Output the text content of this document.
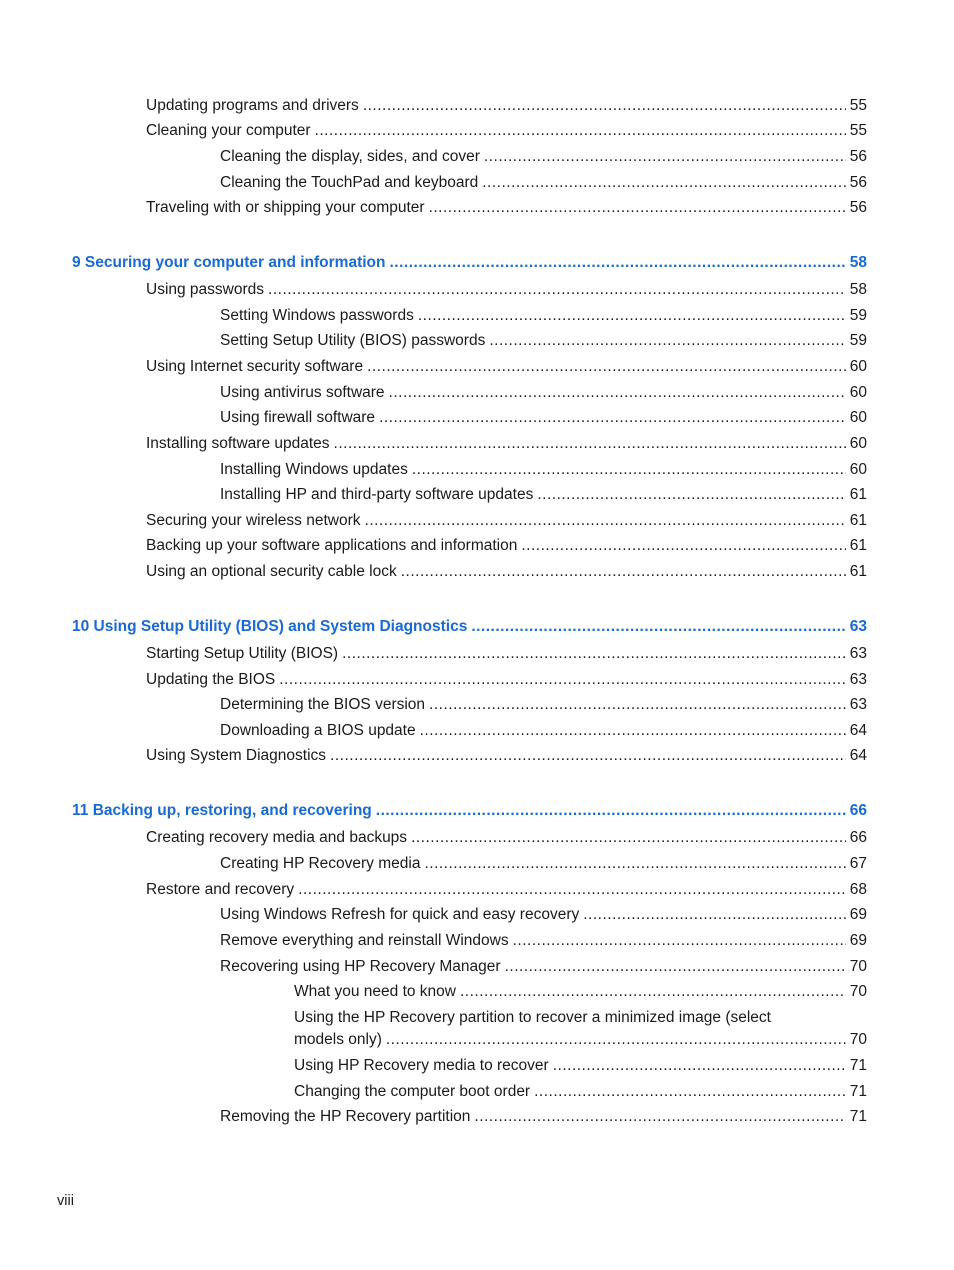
Updating programs and drivers .....	55
Cleaning your computer .....	55
Cleaning the display, sides, and cover .....	56
Cleaning the TouchPad and keyboard .....	56
Traveling with or shipping your computer .....	56
9 Securing your computer and information .....	58
Using passwords .....	58
Setting Windows passwords .....	59
Setting Setup Utility (BIOS) passwords .....	59
Using Internet security software .....	60
Using antivirus software .....	60
Using firewall software .....	60
Installing software updates .....	60
Installing Windows updates .....	60
Installing HP and third-party software updates .....	61
Securing your wireless network .....	61
Backing up your software applications and information .....	61
Using an optional security cable lock .....	61
10 Using Setup Utility (BIOS) and System Diagnostics .....	63
Starting Setup Utility (BIOS) .....	63
Updating the BIOS .....	63
Determining the BIOS version .....	63
Downloading a BIOS update .....	64
Using System Diagnostics .....	64
11 Backing up, restoring, and recovering .....	66
Creating recovery media and backups .....	66
Creating HP Recovery media .....	67
Restore and recovery .....	68
Using Windows Refresh for quick and easy recovery .....	69
Remove everything and reinstall Windows .....	69
Recovering using HP Recovery Manager .....	70
What you need to know .....	70
Using the HP Recovery partition to recover a minimized image (select
models only) .....	70
Using HP Recovery media to recover .....	71
Changing the computer boot order .....	71
Removing the HP Recovery partition .....	71
viii
